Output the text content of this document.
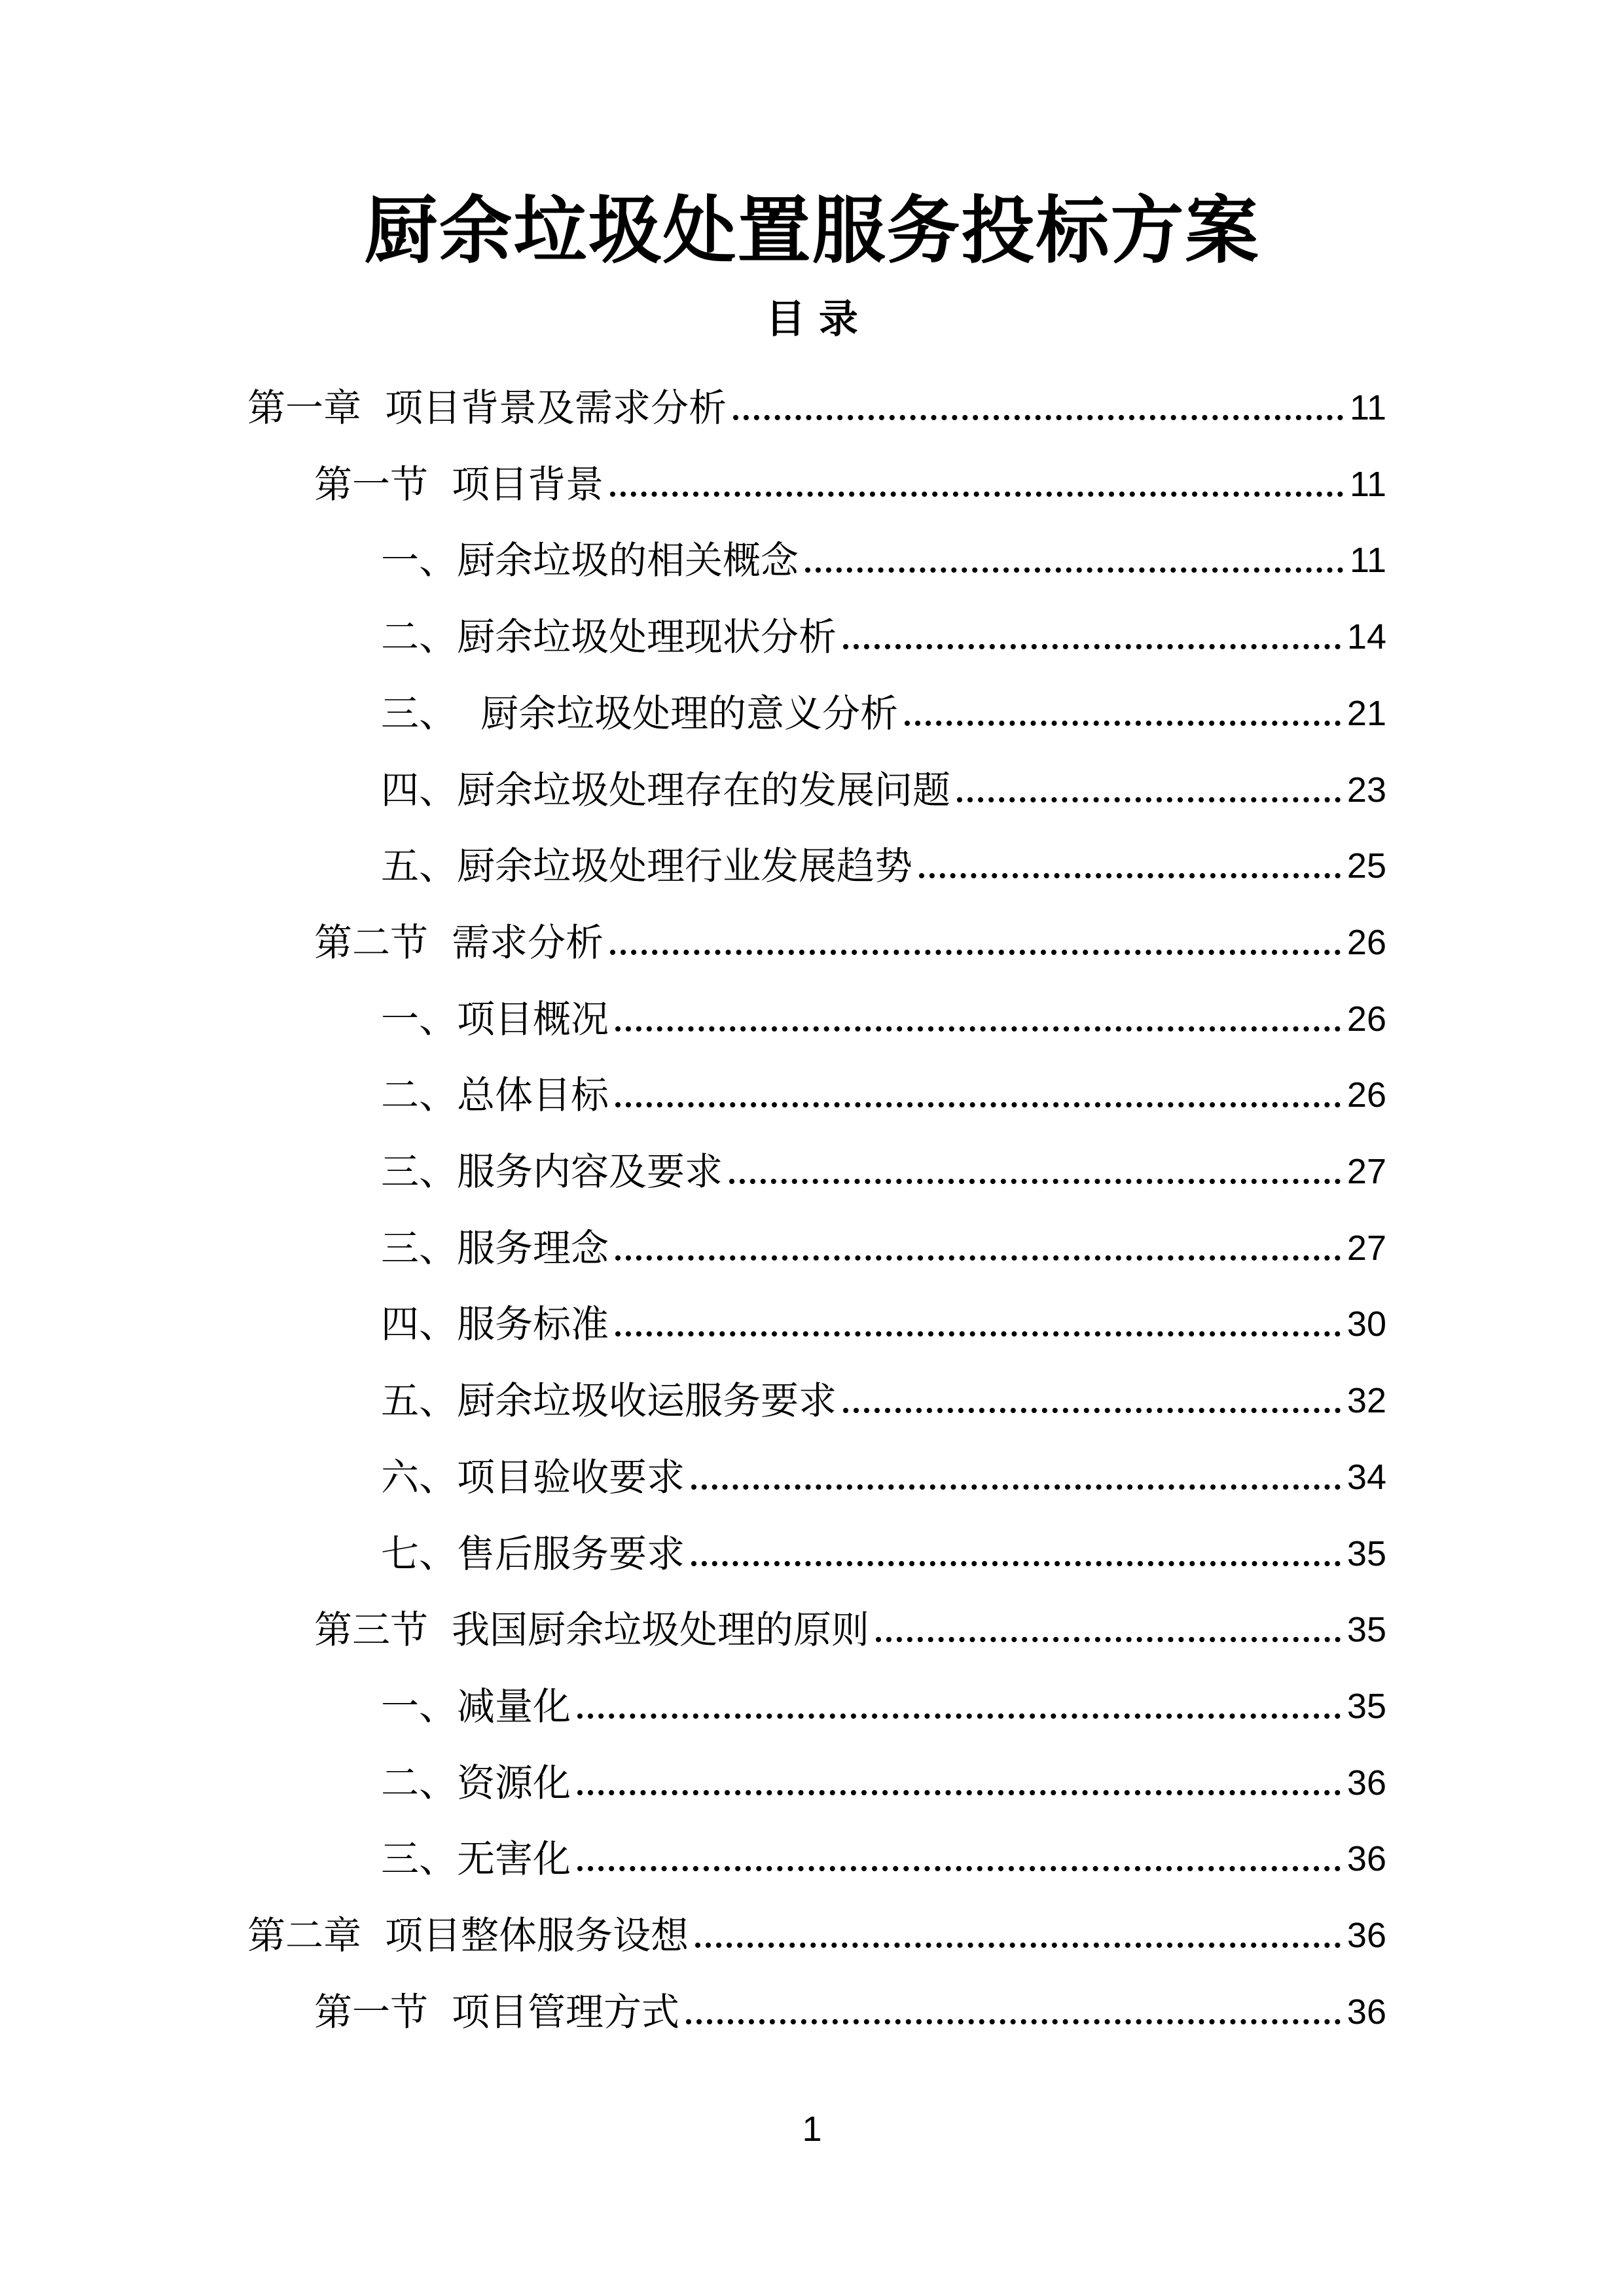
厨余垃圾处置服务投标方案
目 录
第一章 项目背景及需求分析	11
第一节 项目背景	11
一、厨余垃圾的相关概念	11
二、厨余垃圾处理现状分析	14
三、 厨余垃圾处理的意义分析	21
四、厨余垃圾处理存在的发展问题	23
五、厨余垃圾处理行业发展趋势	25
第二节 需求分析	26
一、项目概况	26
二、总体目标	26
三、服务内容及要求	27
三、服务理念	27
四、服务标准	30
五、厨余垃圾收运服务要求	32
六、项目验收要求	34
七、售后服务要求	35
第三节 我国厨余垃圾处理的原则	35
一、减量化	35
二、资源化	36
三、无害化	36
第二章 项目整体服务设想	36
第一节 项目管理方式	36
1
